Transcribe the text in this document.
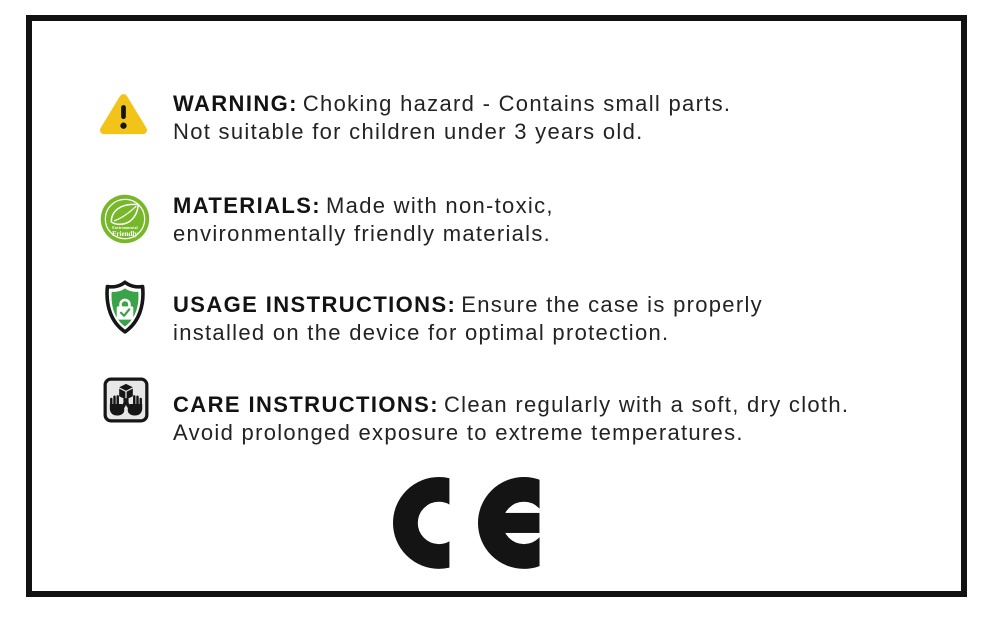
WARNING: Choking hazard - Contains small parts.
Not suitable for children under 3 years old.
Environmental
Friendly
MATERIALS: Made with non-toxic,
environmentally friendly materials.
USAGE INSTRUCTIONS: Ensure the case is properly
installed on the device for optimal protection.
CARE INSTRUCTIONS: Clean regularly with a soft, dry cloth.
Avoid prolonged exposure to extreme temperatures.
